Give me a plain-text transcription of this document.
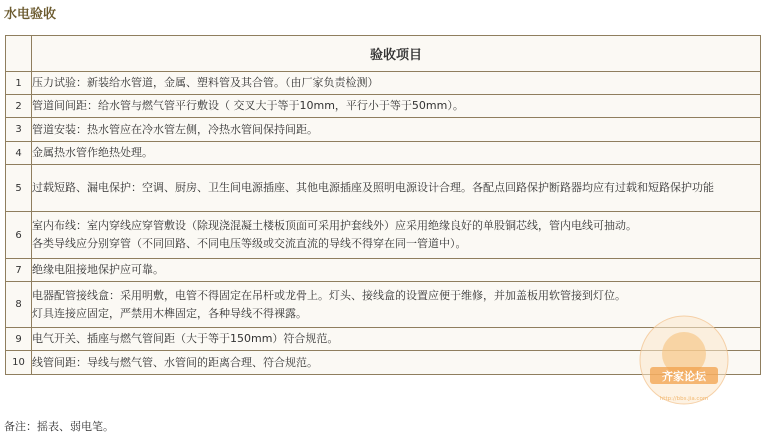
水电验收
	验收项目
1	压力试验：新装给水管道，金属、塑料管及其合管。（由厂家负责检测）

2	管道间间距：给水管与燃气管平行敷设（ 交叉大于等于10mm，平行小于等于50mm）。

3	管道安装：热水管应在冷水管左侧，冷热水管间保持间距。

4	金属热水管作绝热处理。

5	过载短路、漏电保护：空调、厨房、卫生间电源插座、其他电源插座及照明电源设计合理。各配点回路保护断路器均应有过载和短路保护功能

6	室内布线：室内穿线应穿管敷设（除现浇混凝土楼板顶面可采用护套线外）应采用绝缘良好的单股铜芯线，管内电线可抽动。
各类导线应分别穿管（不同回路、不同电压等级或交流直流的导线不得穿在同一管道中）。

7	绝缘电阻接地保护应可靠。

8	电器配管接线盒：采用明敷，电管不得固定在吊杆或龙骨上。灯头、接线盒的设置应便于维修，并加盖板用软管接到灯位。
灯具连接应固定，严禁用木榫固定，各种导线不得裸露。

9	电气开关、插座与燃气管间距（大于等于150mm）符合规范。

10	线管间距：导线与燃气管、水管间的距离合理、符合规范。
备注：摇表、弱电笔。
齐家论坛
http://bbs.jia.com
